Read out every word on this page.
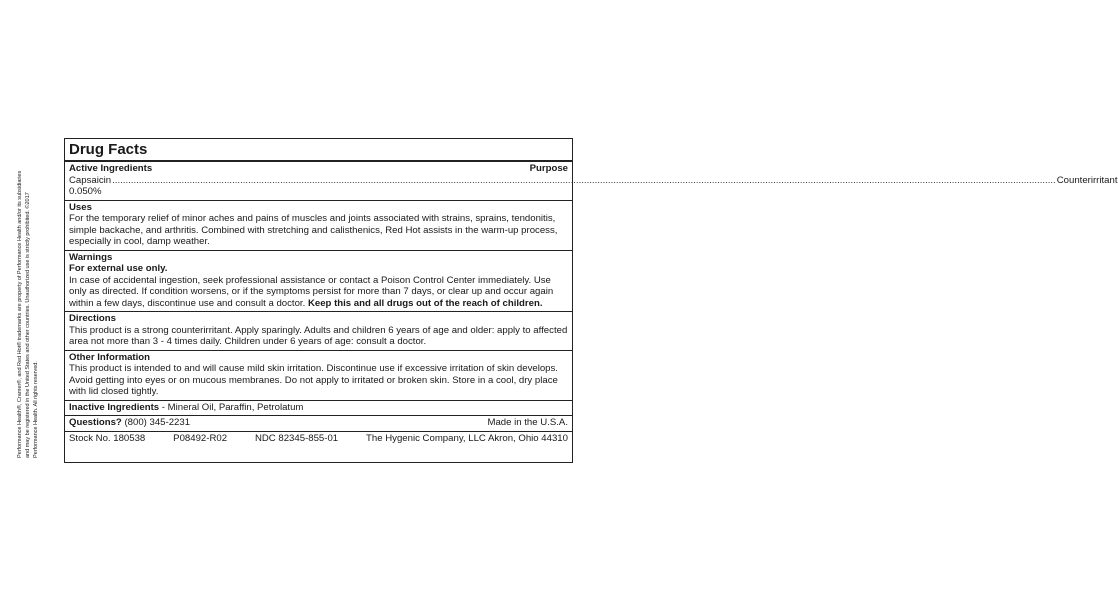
Performance Health®, Cramer®, and Red Hot® trademarks are property of Performance Health and/or its subsidiaries and may be registered in the United States and other countries. Unauthorized use is strictly prohibited. ©2017 Performance Health. All rights reserved.
Drug Facts
Active Ingredients	Purpose
Capsaicin 0.050%
.................................................................................................................................................................................................................................................................................................................................................................. Counterirritant
Uses

For the temporary relief of minor aches and pains of muscles and joints associated with strains, sprains, tendonitis, simple backache, and arthritis. Combined with stretching and calisthenics, Red Hot assists in the warm-up process, especially in cool, damp weather.

Warnings
For external use only.

In case of accidental ingestion, seek professional assistance or contact a Poison Control Center immediately. Use only as directed. If condition worsens, or if the symptoms persist for more than 7 days, or clear up and occur again within a few days, discontinue use and consult a doctor. Keep this and all drugs out of the reach of children.

Directions

This product is a strong counterirritant. Apply sparingly. Adults and children 6 years of age and older: apply to affected area not more than 3 - 4 times daily. Children under 6 years of age: consult a doctor.

Other Information

This product is intended to and will cause mild skin irritation. Discontinue use if excessive irritation of skin develops. Avoid getting into eyes or on mucous membranes. Do not apply to irritated or broken skin. Store in a cool, dry place with lid closed tightly.

Inactive Ingredients - Mineral Oil, Paraffin, Petrolatum
Questions? (800) 345-2231	Made in the U.S.A.
Stock No. 180538	P08492-R02	NDC 82345-855-01	The Hygenic Company, LLC Akron, Ohio 44310
